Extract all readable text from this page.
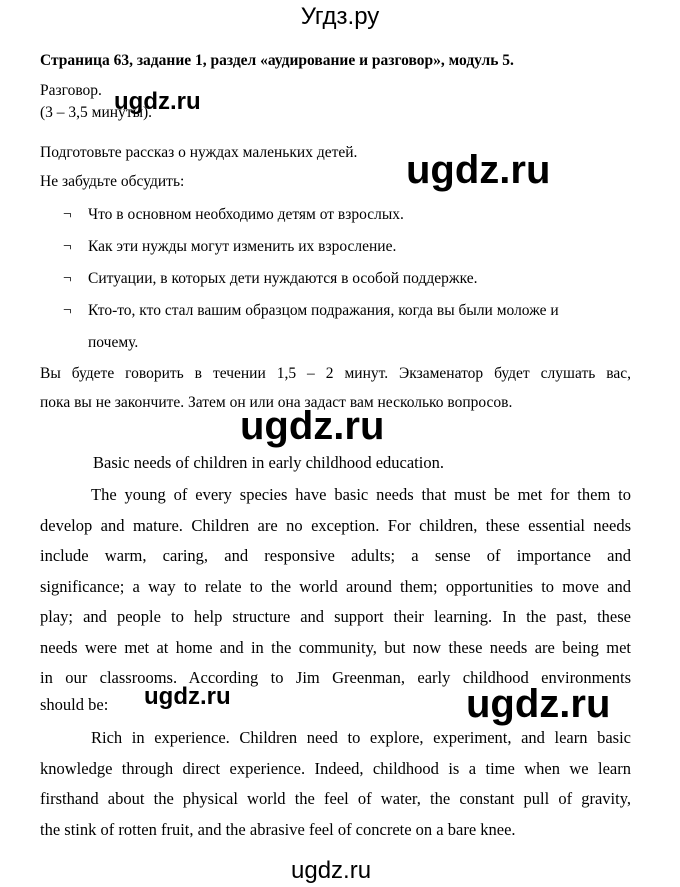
Угдз.ру
Страница 63, задание 1, раздел «аудирование и разговор», модуль 5.
Разговор.
(3 – 3,5 минуты).
Подготовьте рассказ о нуждах маленьких детей.
Не забудьте обсудить:
¬	Что в основном необходимо детям от взрослых.
¬	Как эти нужды могут изменить их взросление.
¬	Ситуации, в которых дети нуждаются в особой поддержке.
¬	Кто-то, кто стал вашим образцом подражания, когда вы были моложе и
почему.
Вы будете говорить в течении 1,5 – 2 минут. Экзаменатор будет слушать вас,
пока вы не закончите. Затем он или она задаст вам несколько вопросов.
Basic needs of children in early childhood education.
The young of every species have basic needs that must be met for them to
develop and mature. Children are no exception. For children, these essential needs
include warm, caring, and responsive adults; a sense of importance and
significance; a way to relate to the world around them; opportunities to move and
play; and people to help structure and support their learning. In the past, these
needs were met at home and in the community, but now these needs are being met
in our classrooms. According to Jim Greenman, early childhood environments
should be:
Rich in experience. Children need to explore, experiment, and learn basic
knowledge through direct experience. Indeed, childhood is a time when we learn
firsthand about the physical world the feel of water, the constant pull of gravity,
the stink of rotten fruit, and the abrasive feel of concrete on a bare knee.
ugdz.ru
ugdz.ru
ugdz.ru
ugdz.ru	ugdz.ru
ugdz.ru
